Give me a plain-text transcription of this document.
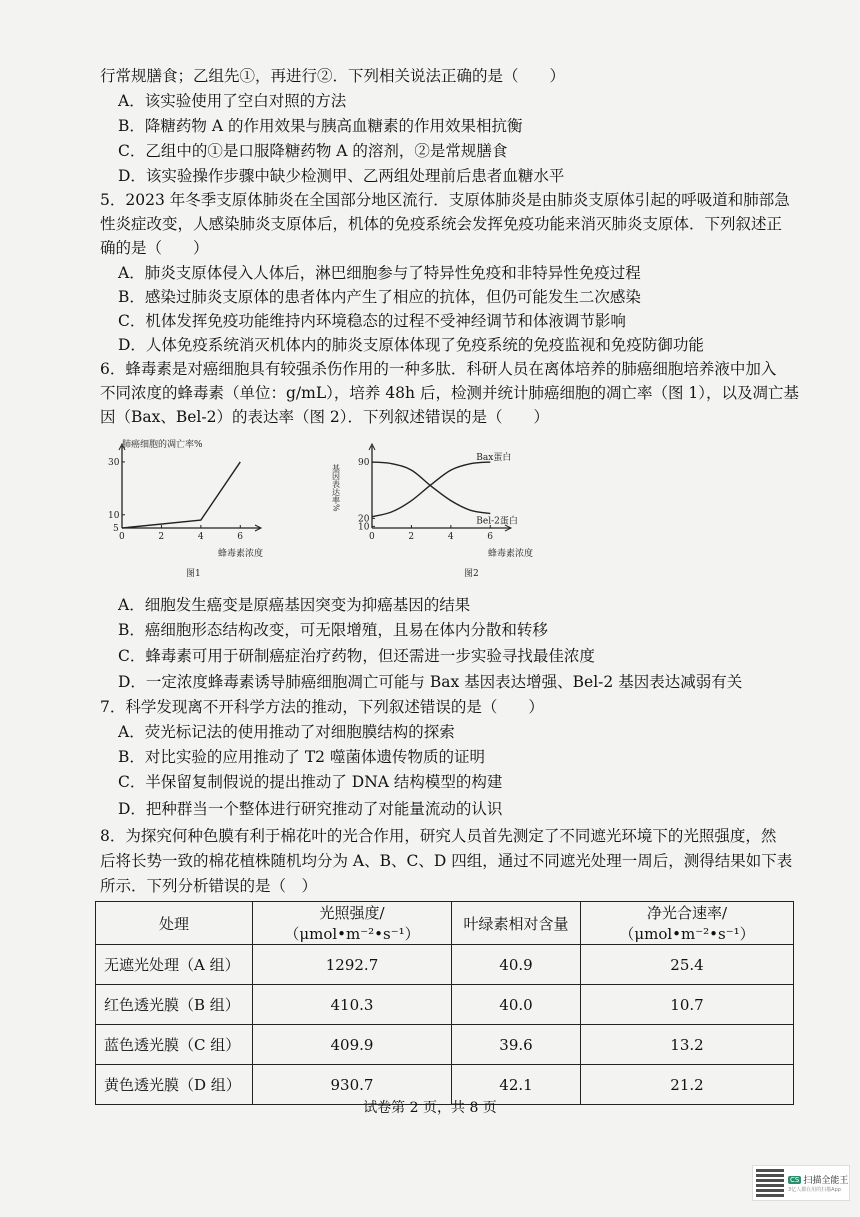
行常规膳食；乙组先①，再进行②．下列相关说法正确的是（　　）
A．该实验使用了空白对照的方法
B．降糖药物 A 的作用效果与胰高血糖素的作用效果相抗衡
C．乙组中的①是口服降糖药物 A 的溶剂，②是常规膳食
D．该实验操作步骤中缺少检测甲、乙两组处理前后患者血糖水平
5．2023 年冬季支原体肺炎在全国部分地区流行．支原体肺炎是由肺炎支原体引起的呼吸道和肺部急
性炎症改变，人感染肺炎支原体后，机体的免疫系统会发挥免疫功能来消灭肺炎支原体．下列叙述正
确的是（　　）
A．肺炎支原体侵入人体后，淋巴细胞参与了特异性免疫和非特异性免疫过程
B．感染过肺炎支原体的患者体内产生了相应的抗体，但仍可能发生二次感染
C．机体发挥免疫功能维持内环境稳态的过程不受神经调节和体液调节影响
D．人体免疫系统消灭机体内的肺炎支原体体现了免疫系统的免疫监视和免疫防御功能
6．蜂毒素是对癌细胞具有较强杀伤作用的一种多肽．科研人员在离体培养的肺癌细胞培养液中加入
不同浓度的蜂毒素（单位：g/mL），培养 48h 后，检测并统计肺癌细胞的凋亡率（图 1），以及凋亡基
因（Bax、Bel-2）的表达率（图 2）．下列叙述错误的是（　　）
肺癌细胞的凋亡率%
蜂毒素浓度
图1
0	2	4	6
5
10
30
基因表达率%
蜂毒素浓度
图2
0	2	4	6
20
90
10
Bax蛋白
Bel-2蛋白
A．细胞发生癌变是原癌基因突变为抑癌基因的结果
B．癌细胞形态结构改变，可无限增殖，且易在体内分散和转移
C．蜂毒素可用于研制癌症治疗药物，但还需进一步实验寻找最佳浓度
D．一定浓度蜂毒素诱导肺癌细胞凋亡可能与 Bax 基因表达增强、Bel-2 基因表达减弱有关
7．科学发现离不开科学方法的推动，下列叙述错误的是（　　）
A．荧光标记法的使用推动了对细胞膜结构的探索
B．对比实验的应用推动了 T2 噬菌体遗传物质的证明
C．半保留复制假说的提出推动了 DNA 结构模型的构建
D．把种群当一个整体进行研究推动了对能量流动的认识
8．为探究何种色膜有利于棉花叶的光合作用，研究人员首先测定了不同遮光环境下的光照强度，然
后将长势一致的棉花植株随机均分为 A、B、C、D 四组，通过不同遮光处理一周后，测得结果如下表
所示．下列分析错误的是（　）
处理	光照强度/（μmol•m⁻²•s⁻¹）	叶绿素相对含量	净光合速率/（μmol•m⁻²•s⁻¹）
无遮光处理（A 组）	1292.7	40.9	25.4
红色透光膜（B 组）	410.3	40.0	10.7
蓝色透光膜（C 组）	409.9	39.6	13.2
黄色透光膜（D 组）	930.7	42.1	21.2
试卷第 2 页，共 8 页
CS 扫描全能王
3亿人都在用的扫描App
